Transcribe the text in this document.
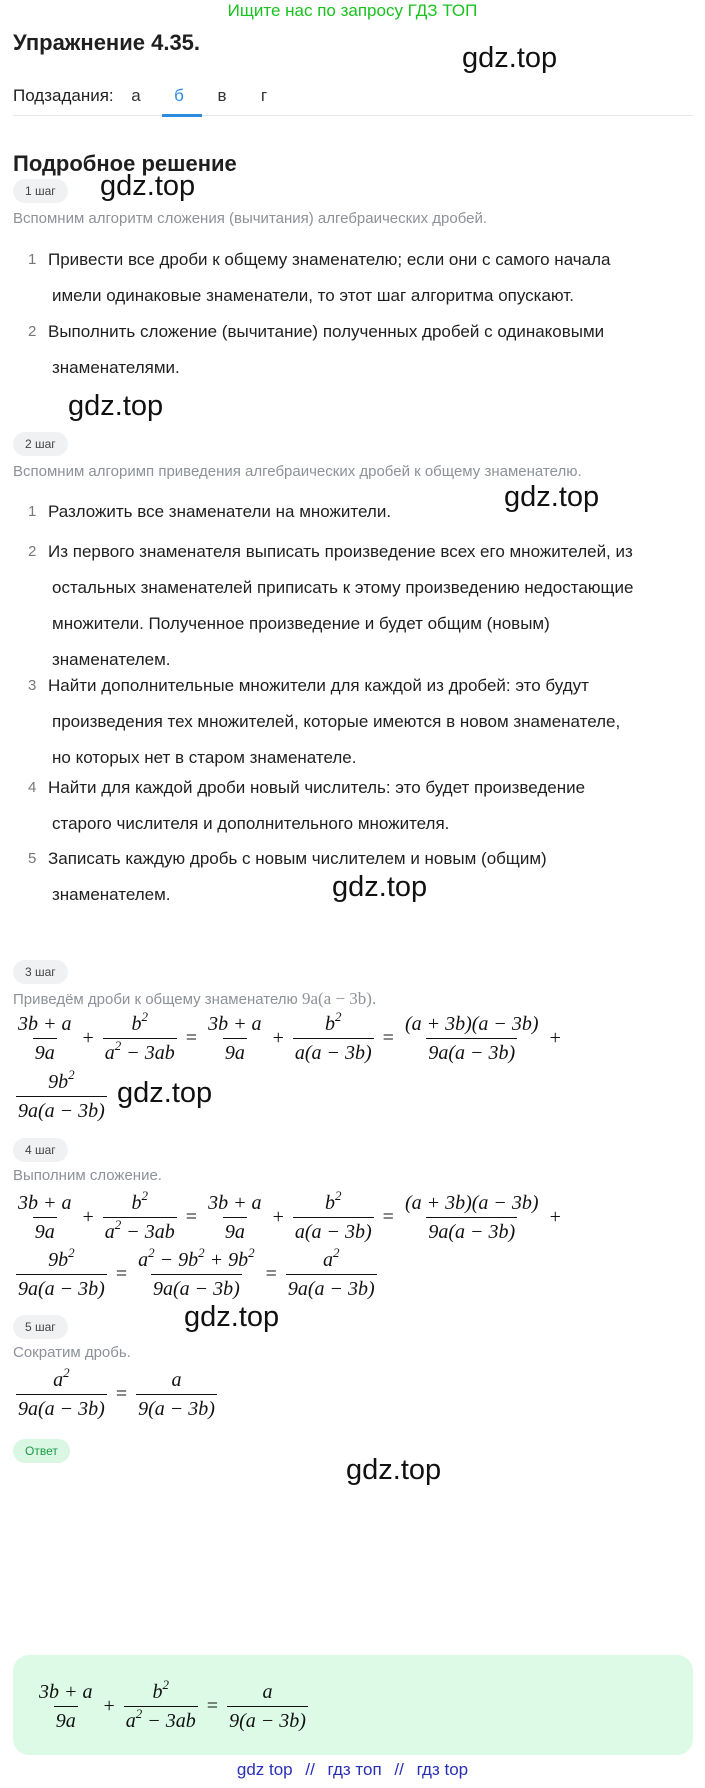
Ищите нас по запросу ГДЗ ТОП
Упражнение 4.35.	gdz.top
gdz.top
gdz.top
gdz.top
gdz.top
gdz.top
gdz.top
gdz.top
Подзадания:	а	б	в	г
Подробное решение
1 шаг
Вспомним алгоритм сложения (вычитания) алгебраических дробей.
1 Привести все дроби к общему знаменателю; если они с самого начала
имели одинаковые знаменатели, то этот шаг алгоритма опускают.
2 Выполнить сложение (вычитание) полученных дробей с одинаковыми
знаменателями.
2 шаг
Вспомним алгоримп приведения алгебраических дробей к общему знаменателю.
1 Разложить все знаменатели на множители.
2 Из первого знаменателя выписать произведение всех его множителей, из
остальных знаменателей приписать к этому произведению недостающие
множители. Полученное произведение и будет общим (новым)
знаменателем.
3 Найти дополнительные множители для каждой из дробей: это будут
произведения тех множителей, которые имеются в новом знаменателе,
но которых нет в старом знаменателе.
4 Найти для каждой дроби новый числитель: это будет произведение
старого числителя и дополнительного множителя.
5 Записать каждую дробь с новым числителем и новым (общим)
знаменателем.
3 шаг
Приведём дроби к общему знаменателю 9a(a − 3b).
$\frac{3b + a}{9a} + \frac{b^2}{a^2 - 3ab} = \frac{3b + a}{9a} + \frac{b^2}{a(a - 3b)} = \frac{(a + 3b)(a - 3b)}{9a(a - 3b)}$ +
$\frac{9b^2}{9a(a - 3b)}$
4 шаг
Выполним сложение.
$\frac{3b + a}{9a} + \frac{b^2}{a^2 - 3ab} = \frac{3b + a}{9a} + \frac{b^2}{a(a - 3b)} = \frac{(a + 3b)(a - 3b)}{9a(a - 3b)}$ +
$\frac{9b^2}{9a(a - 3b)} = \frac{a^2 - 9b^2 + 9b^2}{9a(a - 3b)} = \frac{a^2}{9a(a - 3b)}$
5 шаг
Сократим дробь.
$\frac{a^2}{9a(a - 3b)} = \frac{a}{9(a - 3b)}$
Ответ
$\frac{3b + a}{9a} + \frac{b^2}{a^2 - 3ab} = \frac{a}{9(a - 3b)}$
gdz top // гдз топ // гдз top
